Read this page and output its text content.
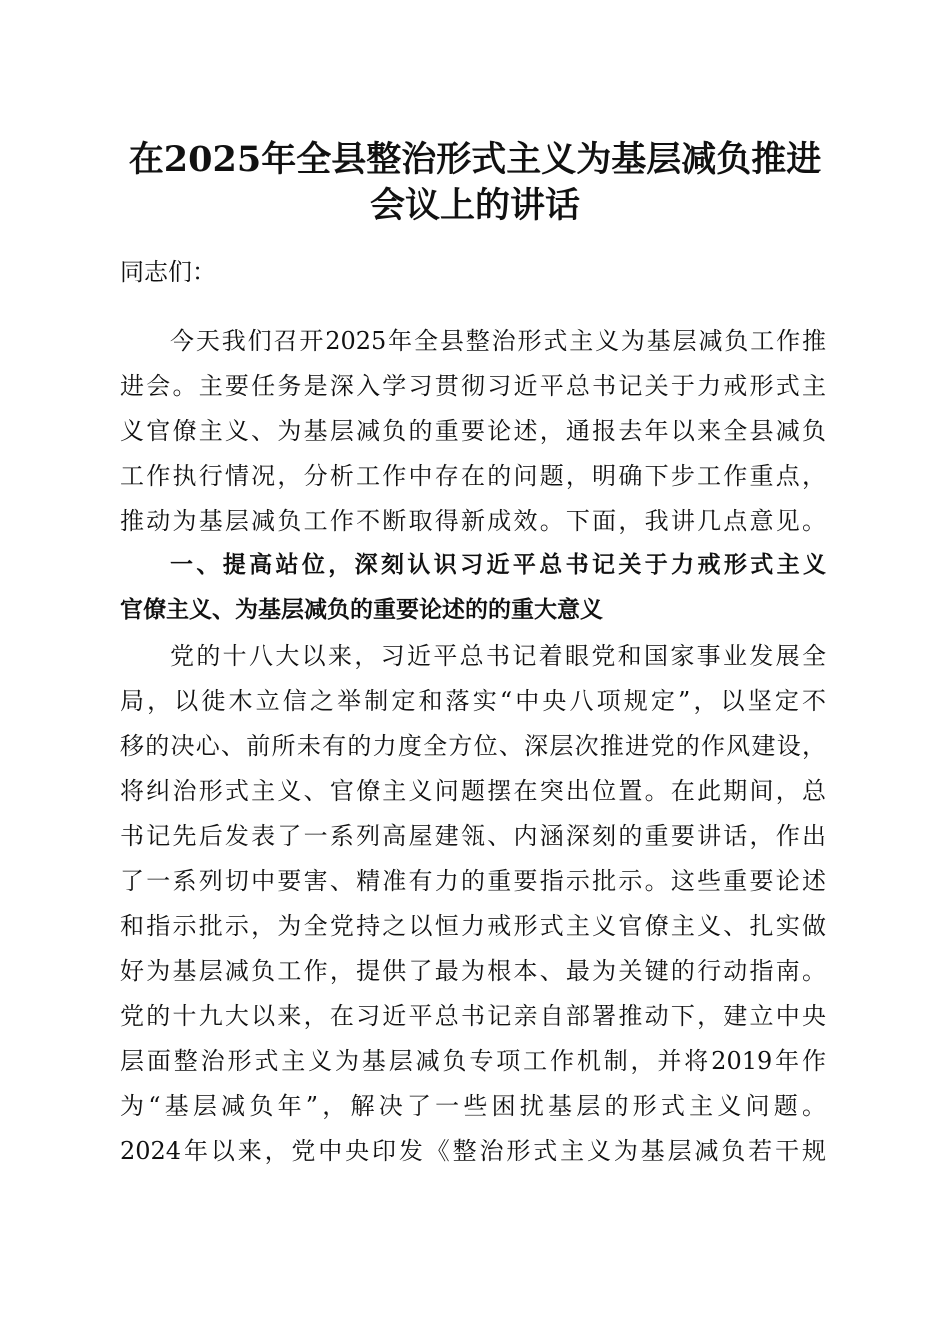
在2025年全县整治形式主义为基层减负推进
会议上的讲话
同志们：
今天我们召开2025年全县整治形式主义为基层减负工作推
进会。主要任务是深入学习贯彻习近平总书记关于力戒形式主
义官僚主义、为基层减负的重要论述，通报去年以来全县减负
工作执行情况，分析工作中存在的问题，明确下步工作重点，
推动为基层减负工作不断取得新成效。下面，我讲几点意见。
一、提高站位，深刻认识习近平总书记关于力戒形式主义
官僚主义、为基层减负的重要论述的的重大意义
党的十八大以来，习近平总书记着眼党和国家事业发展全
局，以徙木立信之举制定和落实“中央八项规定”，以坚定不
移的决心、前所未有的力度全方位、深层次推进党的作风建设，
将纠治形式主义、官僚主义问题摆在突出位置。在此期间，总
书记先后发表了一系列高屋建瓴、内涵深刻的重要讲话，作出
了一系列切中要害、精准有力的重要指示批示。这些重要论述
和指示批示，为全党持之以恒力戒形式主义官僚主义、扎实做
好为基层减负工作，提供了最为根本、最为关键的行动指南。
党的十九大以来，在习近平总书记亲自部署推动下，建立中央
层面整治形式主义为基层减负专项工作机制，并将2019年作
为“基层减负年”，解决了一些困扰基层的形式主义问题。
2024年以来，党中央印发《整治形式主义为基层减负若干规
